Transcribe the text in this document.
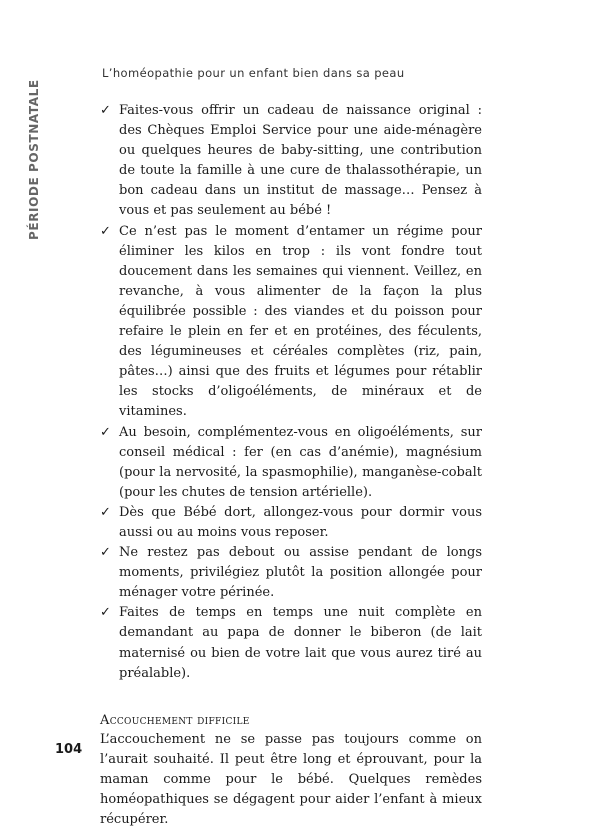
L’homéopathie pour un enfant bien dans sa peau
PÉRIODE POSTNATALE	✓ Faites-vous offrir un cadeau de naissance original : des Chèques Emploi Service pour une aide-ménagère ou quelques heures de baby-sitting, une contribution de toute la famille à une cure de thalassothérapie, un bon cadeau dans un institut de massage… Pensez à vous et pas seulement au bébé !
✓ Ce n’est pas le moment d’entamer un régime pour éliminer les kilos en trop : ils vont fondre tout doucement dans les semaines qui viennent. Veillez, en revanche, à vous alimenter de la façon la plus équilibrée possible : des viandes et du poisson pour refaire le plein en fer et en protéines, des féculents, des légumineuses et céréales complètes (riz, pain, pâtes…) ainsi que des fruits et légumes pour rétablir les stocks d’oligoéléments, de minéraux et de vitamines.
✓ Au besoin, complémentez-vous en oligoéléments, sur conseil médical : fer (en cas d’anémie), magnésium (pour la nervosité, la spasmophilie), manganèse-cobalt (pour les chutes de tension artérielle).
✓ Dès que Bébé dort, allongez-vous pour dormir vous aussi ou au moins vous reposer.
✓ Ne restez pas debout ou assise pendant de longs moments, privilégiez plutôt la position allongée pour ménager votre périnée.
✓ Faites de temps en temps une nuit complète en demandant au papa de donner le biberon (de lait maternisé ou bien de votre lait que vous aurez tiré au préalable).
Accouchement difficile

L’accouchement ne se passe pas toujours comme on l’aurait souhaité. Il peut être long et éprouvant, pour la maman comme pour le bébé. Quelques remèdes homéopathiques se dégagent pour aider l’enfant à mieux récupérer.

104
